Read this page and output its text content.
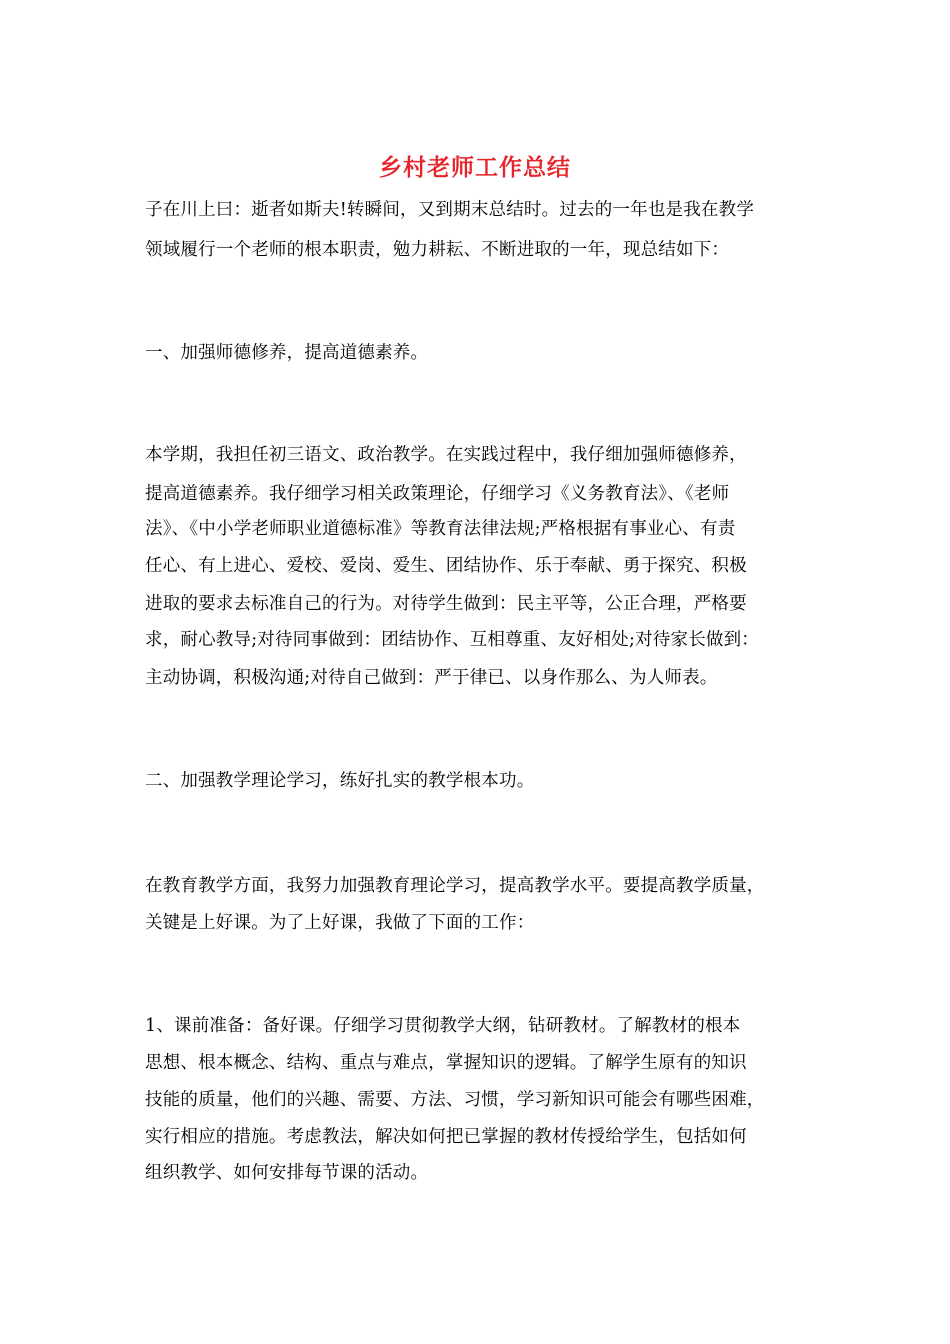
乡村老师工作总结
子在川上曰：逝者如斯夫!转瞬间，又到期末总结时。过去的一年也是我在教学
领域履行一个老师的根本职责，勉力耕耘、不断进取的一年，现总结如下：
一、加强师德修养，提高道德素养。
本学期，我担任初三语文、政治教学。在实践过程中，我仔细加强师德修养，
提高道德素养。我仔细学习相关政策理论，仔细学习《义务教育法》、《老师
法》、《中小学老师职业道德标准》等教育法律法规;严格根据有事业心、有责
任心、有上进心、爱校、爱岗、爱生、团结协作、乐于奉献、勇于探究、积极
进取的要求去标准自己的行为。对待学生做到：民主平等，公正合理，严格要
求，耐心教导;对待同事做到：团结协作、互相尊重、友好相处;对待家长做到：
主动协调，积极沟通;对待自己做到：严于律已、以身作那么、为人师表。
二、加强教学理论学习，练好扎实的教学根本功。
在教育教学方面，我努力加强教育理论学习，提高教学水平。要提高教学质量，
关键是上好课。为了上好课，我做了下面的工作：
1、课前准备：备好课。仔细学习贯彻教学大纲，钻研教材。了解教材的根本
思想、根本概念、结构、重点与难点，掌握知识的逻辑。了解学生原有的知识
技能的质量，他们的兴趣、需要、方法、习惯，学习新知识可能会有哪些困难，
实行相应的措施。考虑教法，解决如何把已掌握的教材传授给学生，包括如何
组织教学、如何安排每节课的活动。
